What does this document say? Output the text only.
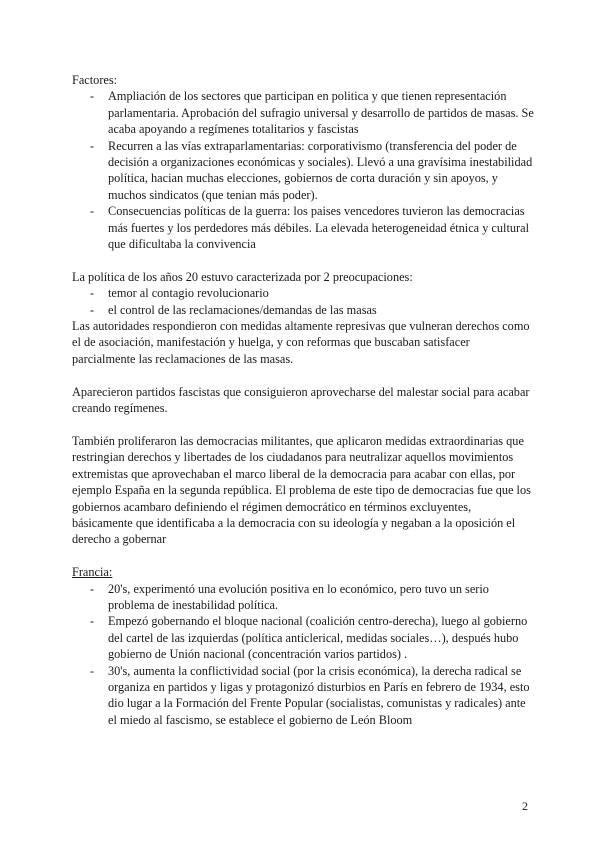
Factores:

- Ampliación de los sectores que participan en politica y que tienen representación parlamentaria. Aprobación del sufragio universal y desarrollo de partidos de masas. Se acaba apoyando a regímenes totalitarios y fascistas
- Recurren a las vías extraparlamentarias: corporativismo (transferencia del poder de decisión a organizaciones económicas y sociales). Llevó a una gravísima inestabilidad política, hacian muchas elecciones, gobiernos de corta duración y sin apoyos, y muchos sindicatos (que tenian más poder).
- Consecuencias políticas de la guerra: los paises vencedores tuvieron las democracias más fuertes y los perdedores más débiles. La elevada heterogeneidad étnica y cultural que dificultaba la convivencia

La política de los años 20 estuvo caracterizada por 2 preocupaciones:

- temor al contagio revolucionario
- el control de las reclamaciones/demandas de las masas

Las autoridades respondieron con medidas altamente represivas que vulneran derechos como el de asociación, manifestación y huelga, y con reformas que buscaban satisfacer parcialmente las reclamaciones de las masas.

Aparecieron partidos fascistas que consiguieron aprovecharse del malestar social para acabar creando regímenes.

También proliferaron las democracias militantes, que aplicaron medidas extraordinarias que restringian derechos y libertades de los ciudadanos para neutralizar aquellos movimientos extremistas que aprovechaban el marco liberal de la democracia para acabar con ellas, por ejemplo España en la segunda república. El problema de este tipo de democracias fue que los gobiernos acambaro definiendo el régimen democrático en términos excluyentes, básicamente que identificaba a la democracia con su ideología y negaban a la oposición el derecho a gobernar

Francia:

- 20's, experimentó una evolución positiva en lo económico, pero tuvo un serio problema de inestabilidad política.
- Empezó gobernando el bloque nacional (coalición centro-derecha), luego al gobierno del cartel de las izquierdas (política anticlerical, medidas sociales…), después hubo gobierno de Unión nacional (concentración varios partidos) .
- 30's, aumenta la conflictividad social (por la crisis económica), la derecha radical se organiza en partidos y ligas y protagonizó disturbios en París en febrero de 1934, esto dio lugar a la Formación del Frente Popular (socialistas, comunistas y radicales) ante el miedo al fascismo, se establece el gobierno de León Bloom
2
